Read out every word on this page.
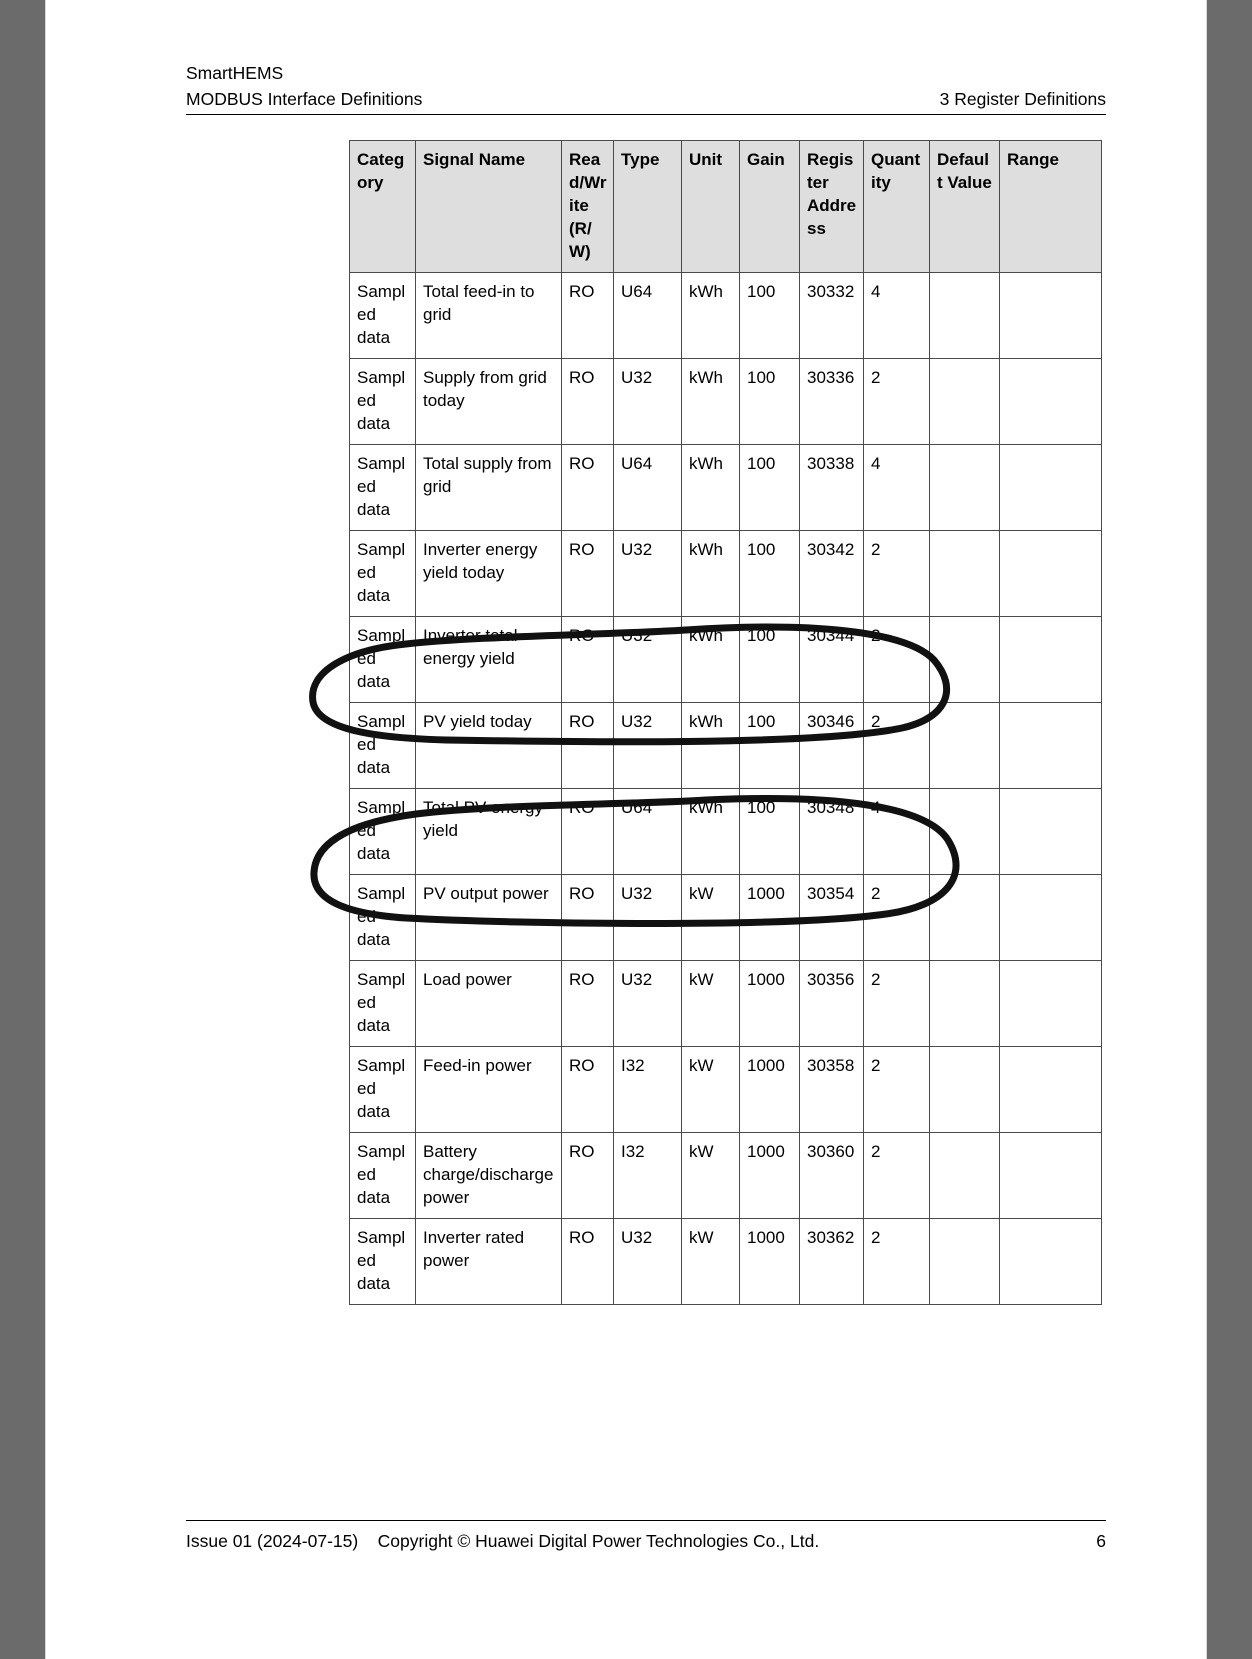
SmartHEMS
MODBUS Interface Definitions	3 Register Definitions
Category	Signal Name	Read/Write (R/W)	Type	Unit	Gain	Register Address	Quantity	Default Value	Range
Sampled data	Total feed-in to grid	RO	U64	kWh	100	30332	4		
Sampled data	Supply from grid today	RO	U32	kWh	100	30336	2		
Sampled data	Total supply from grid	RO	U64	kWh	100	30338	4		
Sampled data	Inverter energy yield today	RO	U32	kWh	100	30342	2		
Sampled data	Inverter total energy yield	RO	U32	kWh	100	30344	2		
Sampled data	PV yield today	RO	U32	kWh	100	30346	2		
Sampled data	Total PV energy yield	RO	U64	kWh	100	30348	4		
Sampled data	PV output power	RO	U32	kW	1000	30354	2		
Sampled data	Load power	RO	U32	kW	1000	30356	2		
Sampled data	Feed-in power	RO	I32	kW	1000	30358	2		
Sampled data	Battery charge/discharge power	RO	I32	kW	1000	30360	2		
Sampled data	Inverter rated power	RO	U32	kW	1000	30362	2		
Issue 01 (2024-07-15)    Copyright © Huawei Digital Power Technologies Co., Ltd.	6
